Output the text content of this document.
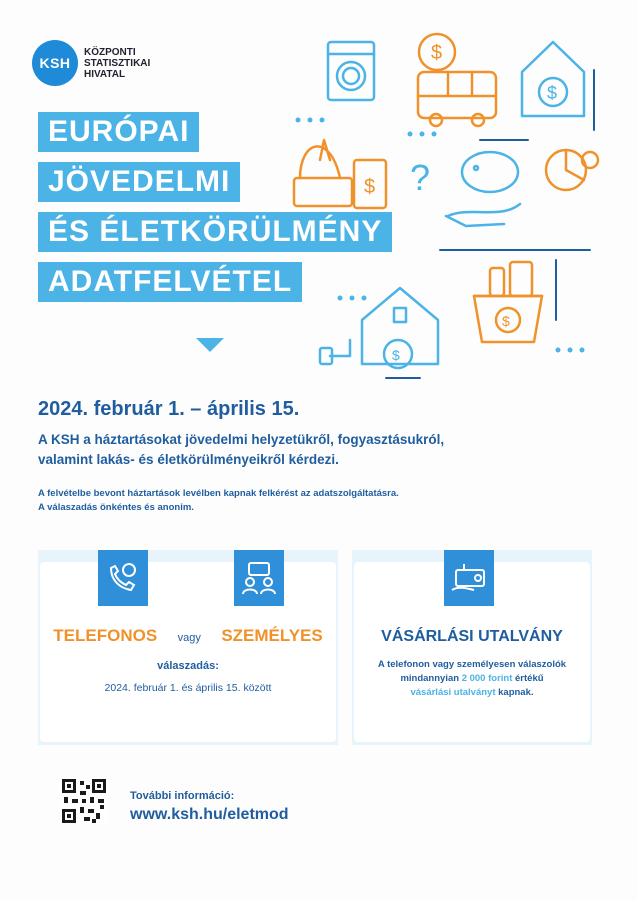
KSH
KÖZPONTI
STATISZTIKAI
HIVATAL
EURÓPAI
JÖVEDELMI
ÉS ÉLETKÖRÜLMÉNY
ADATFELVÉTEL
$
$
$ ?
$
$
2024. február 1. – április 15.
A KSH a háztartásokat jövedelmi helyzetükről, fogyasztásukról,
valamint lakás- és életkörülményeikről kérdezi.
A felvételbe bevont háztartások levélben kapnak felkérést az adatszolgáltatásra.
A válaszadás önkéntes és anonim.
TELEFONOS vagy SZEMÉLYES
válaszadás:
2024. február 1. és április 15. között
VÁSÁRLÁSI UTALVÁNY
A telefonon vagy személyesen válaszolók
mindannyian 2 000 forint értékű
vásárlási utalványt kapnak.
További információ:
www.ksh.hu/eletmod
